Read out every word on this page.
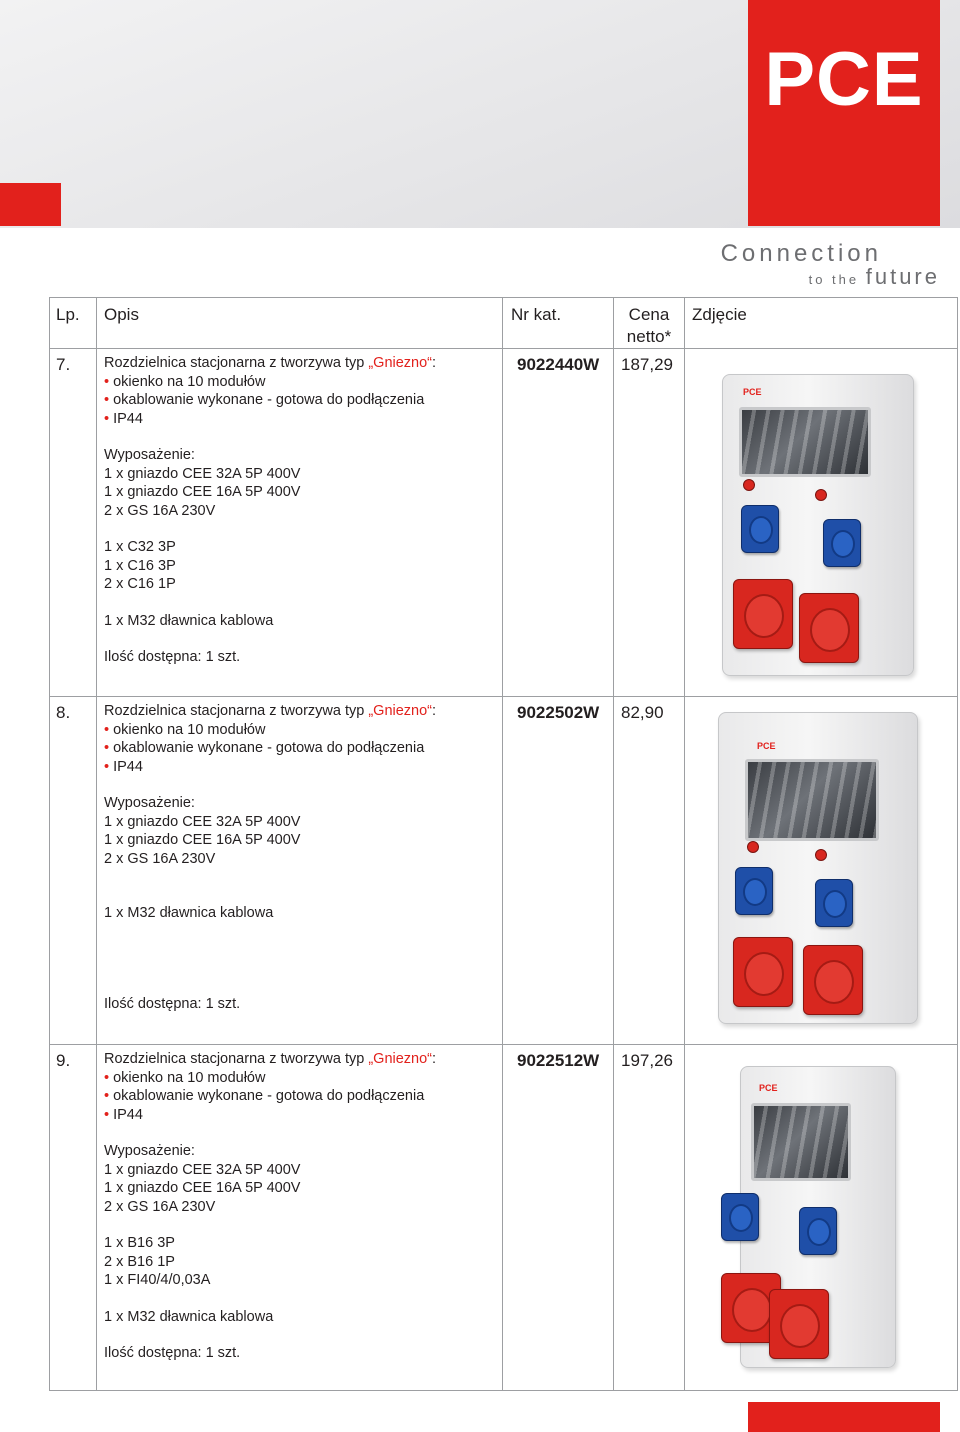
PCE
Connection
to the future
Lp. Opis	Nr kat.	Cena
netto*
Zdjęcie
7. Rozdzielnica stacjonarna z tworzywa typ „Gniezno“:
• okienko na 10 modułów
• okablowanie wykonane - gotowa do podłączenia
• IP44
Wyposażenie:
1 x gniazdo CEE 32A 5P 400V
1 x gniazdo CEE 16A 5P 400V
2 x GS 16A 230V
1 x C32 3P
1 x C16 3P
2 x C16 1P
1 x M32 dławnica kablowa
Ilość dostępna: 1 szt.
9022440W 187,29
PCE
8. Rozdzielnica stacjonarna z tworzywa typ „Gniezno“:
• okienko na 10 modułów
• okablowanie wykonane - gotowa do podłączenia
• IP44
Wyposażenie:
1 x gniazdo CEE 32A 5P 400V
1 x gniazdo CEE 16A 5P 400V
2 x GS 16A 230V
1 x M32 dławnica kablowa
Ilość dostępna: 1 szt.
9022502W 82,90
PCE
9. Rozdzielnica stacjonarna z tworzywa typ „Gniezno“:
• okienko na 10 modułów
• okablowanie wykonane - gotowa do podłączenia
• IP44
Wyposażenie:
1 x gniazdo CEE 32A 5P 400V
1 x gniazdo CEE 16A 5P 400V
2 x GS 16A 230V
1 x B16 3P
2 x B16 1P
1 x FI40/4/0,03A
1 x M32 dławnica kablowa
Ilość dostępna: 1 szt.
9022512W 197,26
PCE
